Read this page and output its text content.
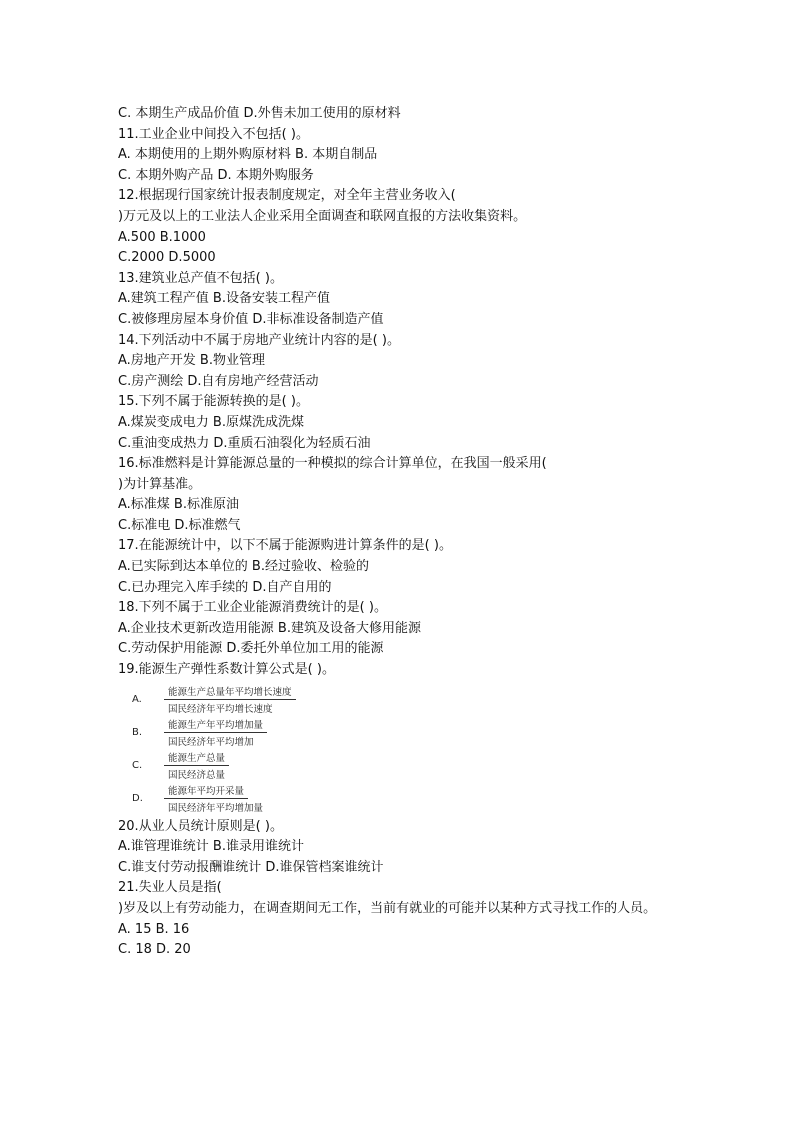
C. 本期生产成品价值 D.外售未加工使用的原材料
11.工业企业中间投入不包括( )。
A. 本期使用的上期外购原材料 B. 本期自制品
C. 本期外购产品 D. 本期外购服务
12.根据现行国家统计报表制度规定，对全年主营业务收入(
)万元及以上的工业法人企业采用全面调查和联网直报的方法收集资料。
A.500 B.1000
C.2000 D.5000
13.建筑业总产值不包括( )。
A.建筑工程产值 B.设备安装工程产值
C.被修理房屋本身价值 D.非标准设备制造产值
14.下列活动中不属于房地产业统计内容的是( )。
A.房地产开发 B.物业管理
C.房产测绘 D.自有房地产经营活动
15.下列不属于能源转换的是( )。
A.煤炭变成电力 B.原煤洗成洗煤
C.重油变成热力 D.重质石油裂化为轻质石油
16.标准燃料是计算能源总量的一种模拟的综合计算单位，在我国一般采用(
)为计算基准。
A.标准煤 B.标准原油
C.标准电 D.标准燃气
17.在能源统计中，以下不属于能源购进计算条件的是( )。
A.已实际到达本单位的 B.经过验收、检验的
C.已办理完入库手续的 D.自产自用的
18.下列不属于工业企业能源消费统计的是( )。
A.企业技术更新改造用能源 B.建筑及设备大修用能源
C.劳动保护用能源 D.委托外单位加工用的能源
19.能源生产弹性系数计算公式是( )。
A.	$\frac{\text{能源生产总量年平均增长速度}}{\text{国民经济年平均增长速度}}$
B.	$\frac{\text{能源生产年平均增加量}}{\text{国民经济年平均增加}}$
C.	$\frac{\text{能源生产总量}}{\text{国民经济总量}}$
D.	$\frac{\text{能源年平均开采量}}{\text{国民经济年平均增加量}}$
20.从业人员统计原则是( )。
A.谁管理谁统计 B.谁录用谁统计
C.谁支付劳动报酬谁统计 D.谁保管档案谁统计
21.失业人员是指(
)岁及以上有劳动能力，在调查期间无工作，当前有就业的可能并以某种方式寻找工作的人员。
A. 15 B. 16
C. 18 D. 20
